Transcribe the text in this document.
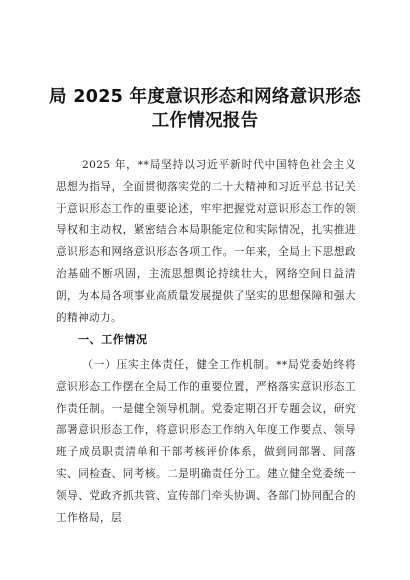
局 2025 年度意识形态和网络意识形态
工作情况报告
2025 年，**局坚持以习近平新时代中国特色社会主义思想为指导，全面贯彻落实党的二十大精神和习近平总书记关于意识形态工作的重要论述，牢牢把握党对意识形态工作的领导权和主动权，紧密结合本局职能定位和实际情况，扎实推进意识形态和网络意识形态各项工作。一年来，全局上下思想政治基础不断巩固，主流思想舆论持续壮大，网络空间日益清朗，为本局各项事业高质量发展提供了坚实的思想保障和强大的精神动力。
一、工作情况
（一）压实主体责任，健全工作机制。**局党委始终将意识形态工作摆在全局工作的重要位置，严格落实意识形态工作责任制。一是健全领导机制。党委定期召开专题会议，研究部署意识形态工作，将意识形态工作纳入年度工作要点、领导班子成员职责清单和干部考核评价体系，做到同部署、同落实、同检查、同考核。二是明确责任分工。建立健全党委统一领导、党政齐抓共管、宣传部门牵头协调、各部门协同配合的工作格局，层
